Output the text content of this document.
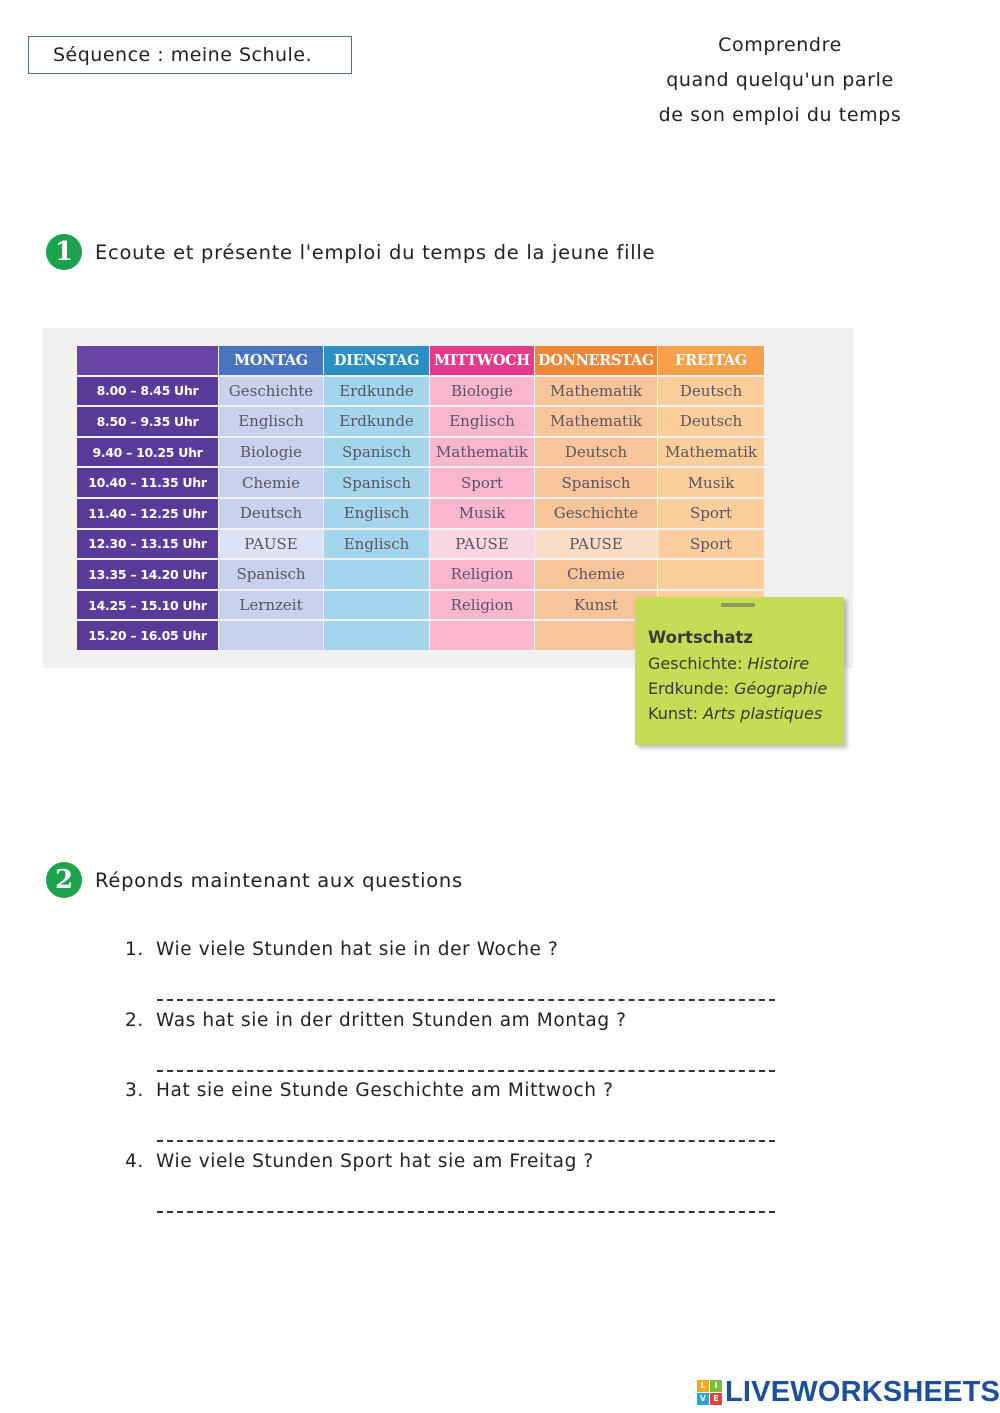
Séquence : meine Schule.	Comprendre
quand quelqu'un parle
de son emploi du temps
1	Ecoute et présente l'emploi du temps de la jeune fille
	MONTAG	DIENSTAG	MITTWOCH	DONNERSTAG	FREITAG
8.00 – 8.45 Uhr	Geschichte	Erdkunde	Biologie	Mathematik	Deutsch
8.50 – 9.35 Uhr	Englisch	Erdkunde	Englisch	Mathematik	Deutsch
9.40 – 10.25 Uhr	Biologie	Spanisch	Mathematik	Deutsch	Mathematik
10.40 – 11.35 Uhr	Chemie	Spanisch	Sport	Spanisch	Musik
11.40 – 12.25 Uhr	Deutsch	Englisch	Musik	Geschichte	Sport
12.30 – 13.15 Uhr	PAUSE	Englisch	PAUSE	PAUSE	Sport
13.35 – 14.20 Uhr	Spanisch		Religion	Chemie	
14.25 – 15.10 Uhr	Lernzeit		Religion	Kunst	
15.20 – 16.05 Uhr						Wortschatz
Geschichte: Histoire
Erdkunde: Géographie
Kunst: Arts plastiques
2	Réponds maintenant aux questions
1. Wie viele Stunden hat sie in der Woche ?
2. Was hat sie in der dritten Stunden am Montag ?
3. Hat sie eine Stunde Geschichte am Mittwoch ?
4. Wie viele Stunden Sport hat sie am Freitag ?
L	I
V E LIVEWORKSHEETS
